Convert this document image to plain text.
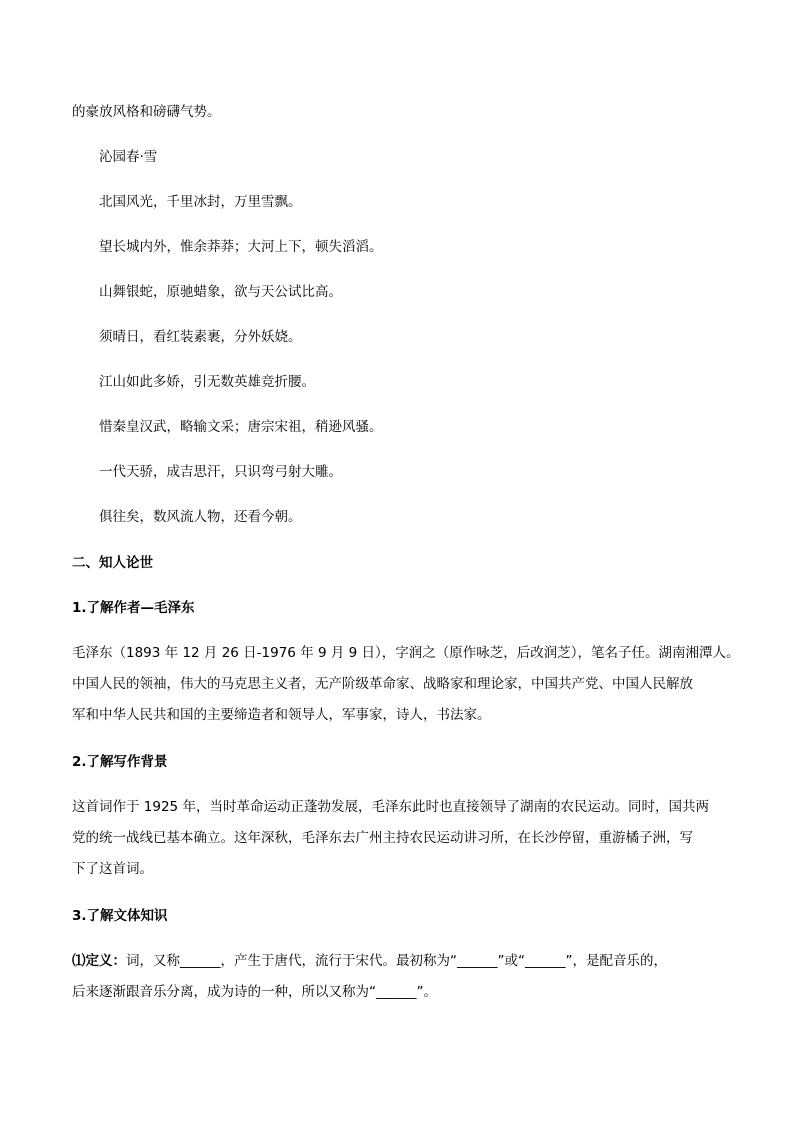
的豪放风格和磅礴气势。
沁园春·雪
北国风光，千里冰封，万里雪飘。
望长城内外，惟余莽莽；大河上下，顿失滔滔。
山舞银蛇，原驰蜡象，欲与天公试比高。
须晴日，看红装素裹，分外妖娆。
江山如此多娇，引无数英雄竞折腰。
惜秦皇汉武，略输文采；唐宗宋祖，稍逊风骚。
一代天骄，成吉思汗，只识弯弓射大雕。
俱往矣，数风流人物，还看今朝。
二、知人论世
1.了解作者—毛泽东
毛泽东（1893 年 12 月 26 日-1976 年 9 月 9 日），字润之（原作咏芝，后改润芝），笔名子任。湖南湘潭人。
中国人民的领袖，伟大的马克思主义者，无产阶级革命家、战略家和理论家，中国共产党、中国人民解放
军和中华人民共和国的主要缔造者和领导人，军事家，诗人，书法家。
2.了解写作背景
这首词作于 1925 年，当时革命运动正蓬勃发展，毛泽东此时也直接领导了湖南的农民运动。同时，国共两
党的统一战线已基本确立。这年深秋，毛泽东去广州主持农民运动讲习所，在长沙停留，重游橘子洲，写
下了这首词。
3.了解文体知识
⑴定义：词，又称______，产生于唐代，流行于宋代。最初称为“______”或“______”，是配音乐的，
后来逐渐跟音乐分离，成为诗的一种，所以又称为“______”。
